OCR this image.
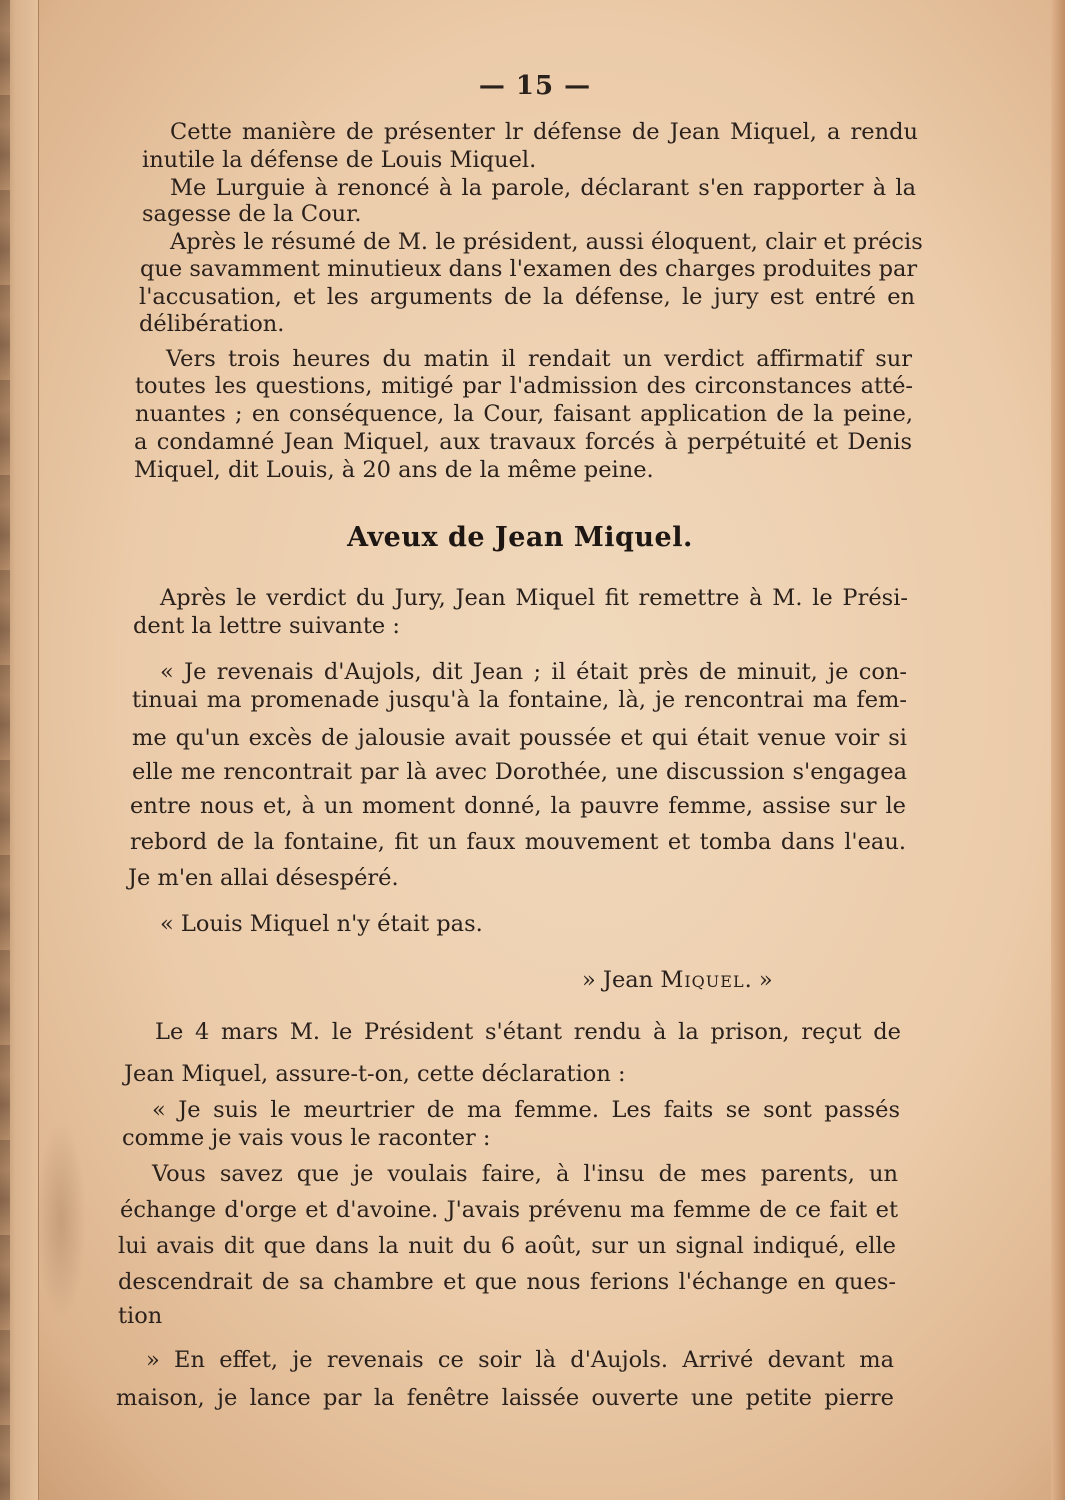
— 15 —
Cette manière de présenter lr défense de Jean Miquel, a rendu
inutile la défense de Louis Miquel.
Me Lurguie à renoncé à la parole, déclarant s'en rapporter à la
sagesse de la Cour.
Après le résumé de M. le président, aussi éloquent, clair et précis
que savamment minutieux dans l'examen des charges produites par
l'accusation, et les arguments de la défense, le jury est entré en
délibération.
Vers trois heures du matin il rendait un verdict affirmatif sur
toutes les questions, mitigé par l'admission des circonstances atté-
nuantes ; en conséquence, la Cour, faisant application de la peine,
a condamné Jean Miquel, aux travaux forcés à perpétuité et Denis
Miquel, dit Louis, à 20 ans de la même peine.
Aveux de Jean Miquel.
Après le verdict du Jury, Jean Miquel fit remettre à M. le Prési-
dent la lettre suivante :
« Je revenais d'Aujols, dit Jean ; il était près de minuit, je con-
tinuai ma promenade jusqu'à la fontaine, là, je rencontrai ma fem-
me qu'un excès de jalousie avait poussée et qui était venue voir si
elle me rencontrait par là avec Dorothée, une discussion s'engagea
entre nous et, à un moment donné, la pauvre femme, assise sur le
rebord de la fontaine, fit un faux mouvement et tomba dans l'eau.
Je m'en allai désespéré.
« Louis Miquel n'y était pas.
» Jean Miquel. »
Le 4 mars M. le Président s'étant rendu à la prison, reçut de
Jean Miquel, assure-t-on, cette déclaration :
« Je suis le meurtrier de ma femme. Les faits se sont passés
comme je vais vous le raconter :
Vous savez que je voulais faire, à l'insu de mes parents, un
échange d'orge et d'avoine. J'avais prévenu ma femme de ce fait et
lui avais dit que dans la nuit du 6 août, sur un signal indiqué, elle
descendrait de sa chambre et que nous ferions l'échange en ques-
tion
» En effet, je revenais ce soir là d'Aujols. Arrivé devant ma
maison, je lance par la fenêtre laissée ouverte une petite pierre
